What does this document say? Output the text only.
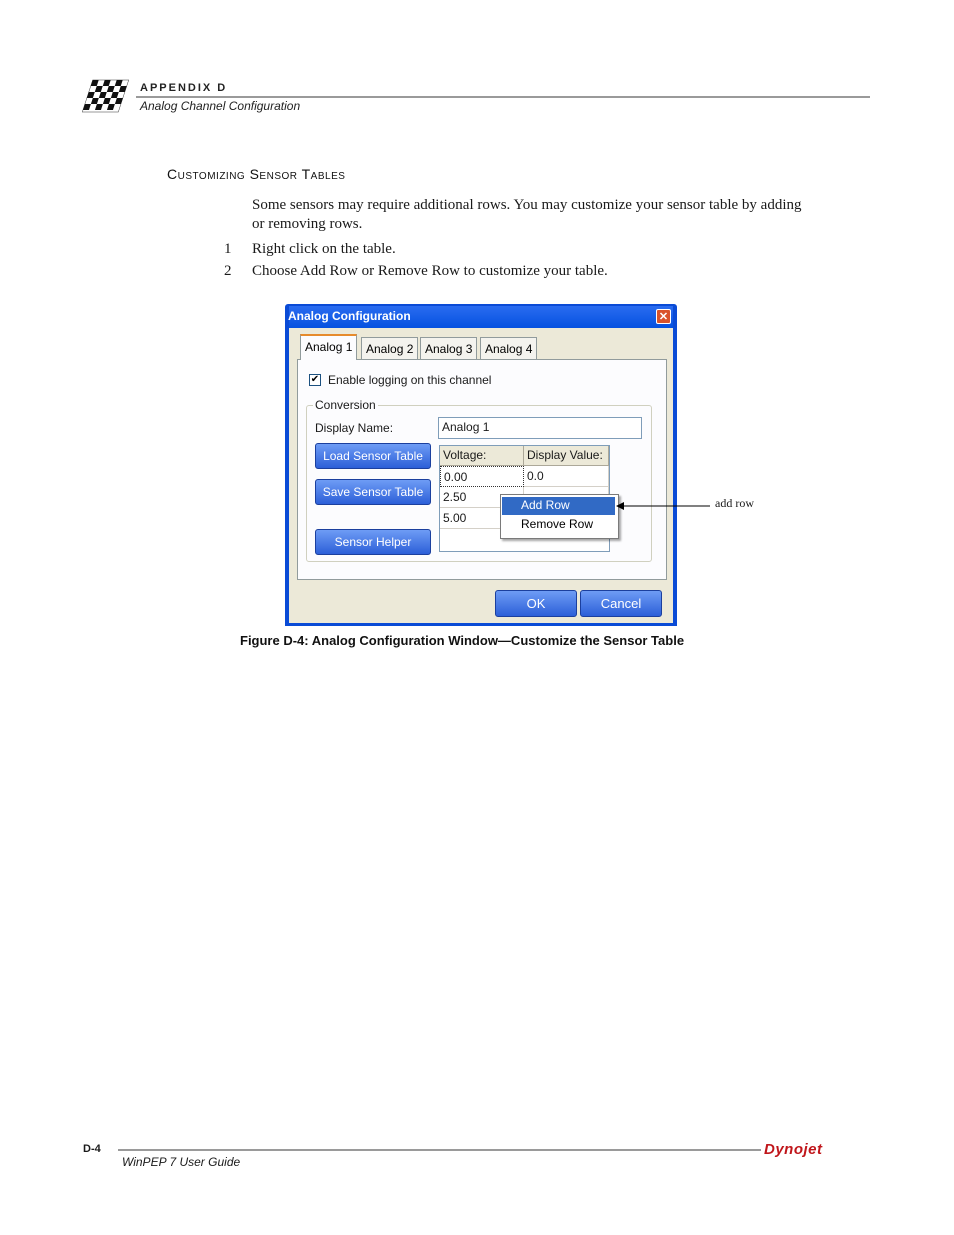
APPENDIX D
Analog Channel Configuration
Customizing Sensor Tables
Some sensors may require additional rows. You may customize your sensor table by adding or removing rows.
1 Right click on the table.
2 Choose Add Row or Remove Row to customize your table.
Analog Configuration	✕
Analog 1	Analog 2 Analog 3	Analog 4
✔ Enable logging on this channel
Conversion
Display Name:	Analog 1
Load Sensor Table
Save Sensor Table
Sensor Helper
Voltage:	Display Value:
0.00	0.0
2.50
5.00
Add Row
Remove Row
OK	Cancel
add row
Figure D-4: Analog Configuration Window—Customize the Sensor Table
D-4
WinPEP 7 User Guide
Dynojet
